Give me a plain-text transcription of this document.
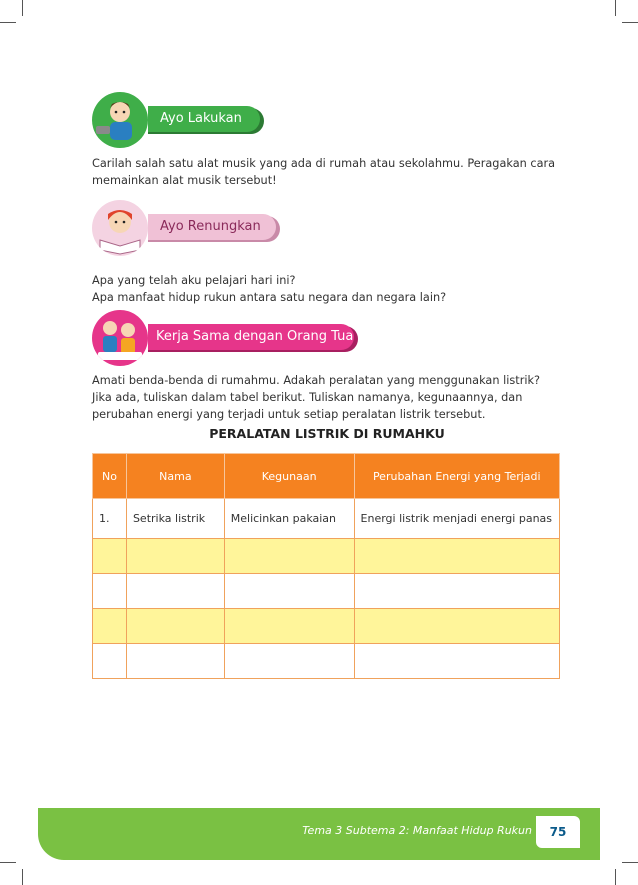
Ayo Lakukan

Carilah salah satu alat musik yang ada di rumah atau sekolahmu. Peragakan cara memainkan alat musik tersebut!

Ayo Renungkan

Apa yang telah aku pelajari hari ini?

Apa manfaat hidup rukun antara satu negara dan negara lain?

Kerja Sama dengan Orang Tua

Amati benda-benda di rumahmu. Adakah peralatan yang menggunakan listrik? Jika ada, tuliskan dalam tabel berikut. Tuliskan namanya, kegunaannya, dan perubahan energi yang terjadi untuk setiap peralatan listrik tersebut.

PERALATAN LISTRIK DI RUMAHKU
No	Nama	Kegunaan	Perubahan Energi yang Terjadi
1.	Setrika listrik	Melicinkan pakaian	Energi listrik menjadi energi panas

Tema 3 Subtema 2: Manfaat Hidup Rukun	75
